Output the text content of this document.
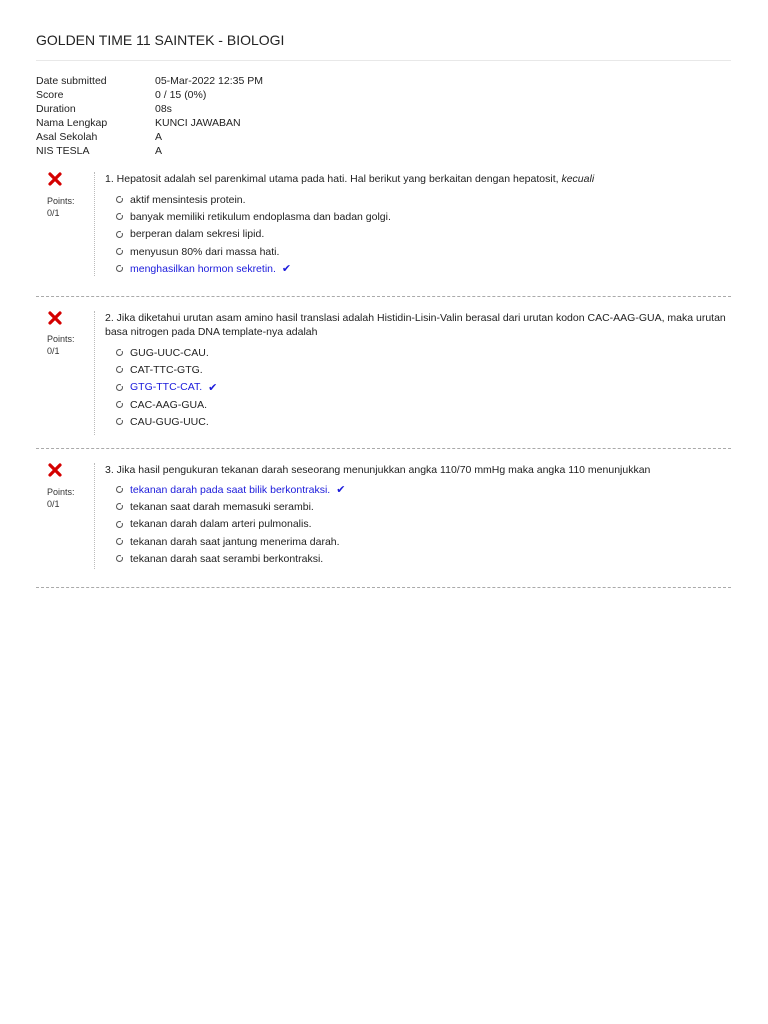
GOLDEN TIME 11 SAINTEK - BIOLOGI
Date submitted	05-Mar-2022 12:35 PM
Score	0 / 15 (0%)
Duration	08s
Nama Lengkap	KUNCI JAWABAN
Asal Sekolah	A
NIS TESLA	A
Points:
0/1
1. Hepatosit adalah sel parenkimal utama pada hati. Hal berikut yang berkaitan dengan hepatosit, kecuali
aktif mensintesis protein.
banyak memiliki retikulum endoplasma dan badan golgi.
berperan dalam sekresi lipid.
menyusun 80% dari massa hati.
menghasilkan hormon sekretin. ✔
Points:
0/1
2. Jika diketahui urutan asam amino hasil translasi adalah Histidin-Lisin-Valin berasal dari urutan kodon CAC-AAG-GUA, maka urutan basa nitrogen pada DNA template-nya adalah
GUG-UUC-CAU.
CAT-TTC-GTG.
GTG-TTC-CAT. ✔
CAC-AAG-GUA.
CAU-GUG-UUC.
Points:
0/1
3. Jika hasil pengukuran tekanan darah seseorang menunjukkan angka 110/70 mmHg maka angka 110 menunjukkan
tekanan darah pada saat bilik berkontraksi. ✔
tekanan saat darah memasuki serambi.
tekanan darah dalam arteri pulmonalis.
tekanan darah saat jantung menerima darah.
tekanan darah saat serambi berkontraksi.
